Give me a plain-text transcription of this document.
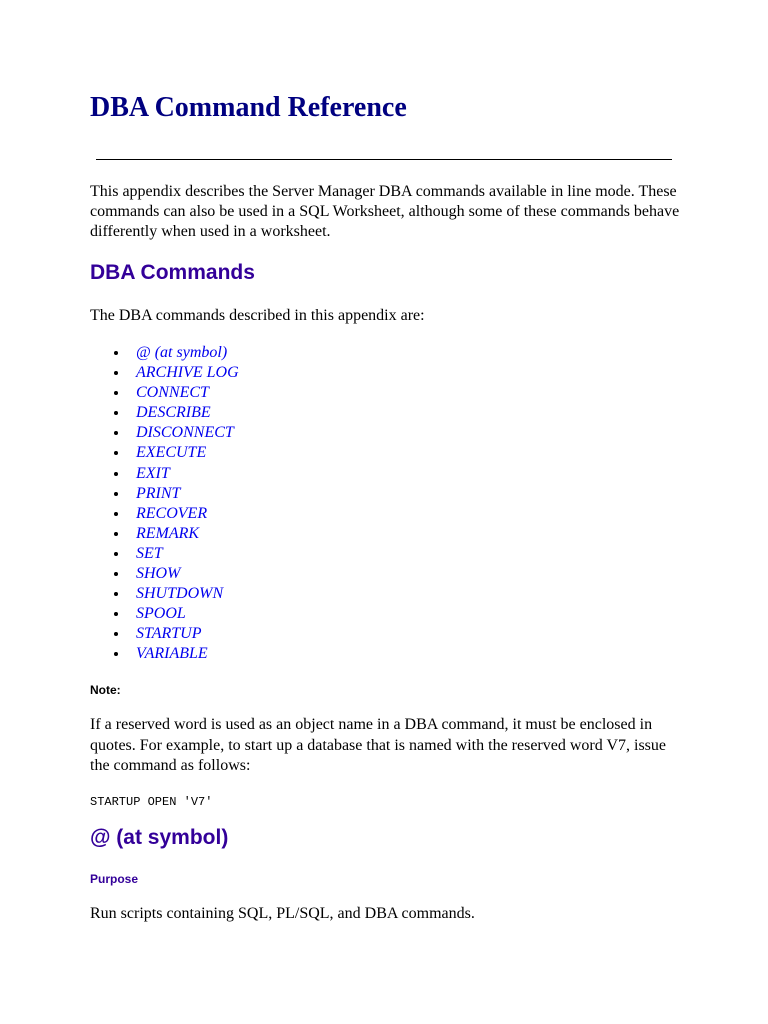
DBA Command Reference

This appendix describes the Server Manager DBA commands available in line mode. These commands can also be used in a SQL Worksheet, although some of these commands behave differently when used in a worksheet.

DBA Commands

The DBA commands described in this appendix are:

@ (at symbol)
ARCHIVE LOG
CONNECT
DESCRIBE
DISCONNECT
EXECUTE
EXIT
PRINT
RECOVER
REMARK
SET
SHOW
SHUTDOWN
SPOOL
STARTUP
VARIABLE

Note:

If a reserved word is used as an object name in a DBA command, it must be enclosed in quotes. For example, to start up a database that is named with the reserved word V7, issue the command as follows:

STARTUP OPEN 'V7'
@ (at symbol)

Purpose

Run scripts containing SQL, PL/SQL, and DBA commands.
